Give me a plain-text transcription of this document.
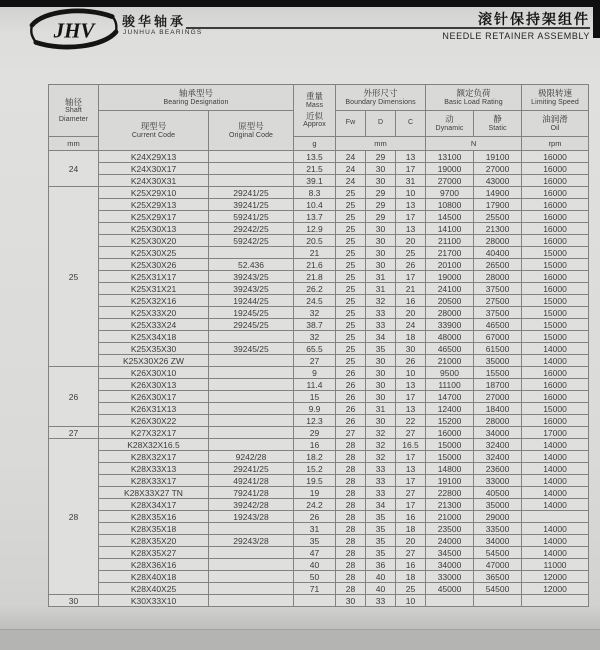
JHV 骏华轴承
JUNHUA BEARINGS
滚针保持架组件
NEEDLE RETAINER ASSEMBLY
轴径
Shaft
Diameter

轴承型号
Bearing Designation

重量
Mass
近似
Approx

外形尺寸
Boundary Dimensions

额定负荷
Basic Load Rating

极限转速
Limiting Speed

现型号
Current Code

原型号
Original Code

Fw	D	C	动
Dynamic

静
Static

油润滑
Oil

mm			g	mm			N		rpm
24	K24X29X13		13.5	24	29	13	13100	19100	16000
	K24X30X17		21.5	24	30	17	19000	27000	16000
	K24X30X31		39.1	24	30	31	27000	43000	16000
25	K25X29X10	29241/25	8.3	25	29	10	9700	14900	16000
	K25X29X13	39241/25	10.4	25	29	13	10800	17900	16000
	K25X29X17	59241/25	13.7	25	29	17	14500	25500	16000
	K25X30X13	29242/25	12.9	25	30	13	14100	21300	16000
	K25X30X20	59242/25	20.5	25	30	20	21100	28000	16000
	K25X30X25		21	25	30	25	21700	40400	15000
	K25X30X26	52.436	21.6	25	30	26	20100	26500	15000
	K25X31X17	39243/25	21.8	25	31	17	19000	28000	16000
	K25X31X21	39243/25	26.2	25	31	21	24100	37500	16000
	K25X32X16	19244/25	24.5	25	32	16	20500	27500	15000
	K25X33X20	19245/25	32	25	33	20	28000	37500	15000
	K25X33X24	29245/25	38.7	25	33	24	33900	46500	15000
	K25X34X18		32	25	34	18	48000	67000	15000
	K25X35X30	39245/25	65.5	25	35	30	46500	61500	14000
	K25X30X26 ZW		27	25	30	26	21000	35000	14000
26	K26X30X10		9	26	30	10	9500	15500	16000
	K26X30X13		11.4	26	30	13	11100	18700	16000
	K26X30X17		15	26	30	17	14700	27000	16000
	K26X31X13		9.9	26	31	13	12400	18400	15000
	K26X30X22		12.3	26	30	22	15200	28000	16000
27	K27X32X17		29	27	32	27	16000	34000	17000
28	K28X32X16.5		16	28	32	16.5	15000	32400	14000
	K28X32X17	9242/28	18.2	28	32	17	15000	32400	14000
	K28X33X13	29241/25	15.2	28	33	13	14800	23600	14000
	K28X33X17	49241/28	19.5	28	33	17	19100	33000	14000
	K28X33X27 TN	79241/28	19	28	33	27	22800	40500	14000
	K28X34X17	39242/28	24.2	28	34	17	21300	35000	14000
	K28X35X16	19243/28	26	28	35	16	21000	29000	
	K28X35X18		31	28	35	18	23500	33500	14000
	K28X35X20	29243/28	35	28	35	20	24000	34000	14000
	K28X35X27		47	28	35	27	34500	54500	14000
	K28X36X16		40	28	36	16	34000	47000	11000
	K28X40X18		50	28	40	18	33000	36500	12000
	K28X40X25		71	28	40	25	45000	54500	12000
30	K30X33X10			30	33	10			
